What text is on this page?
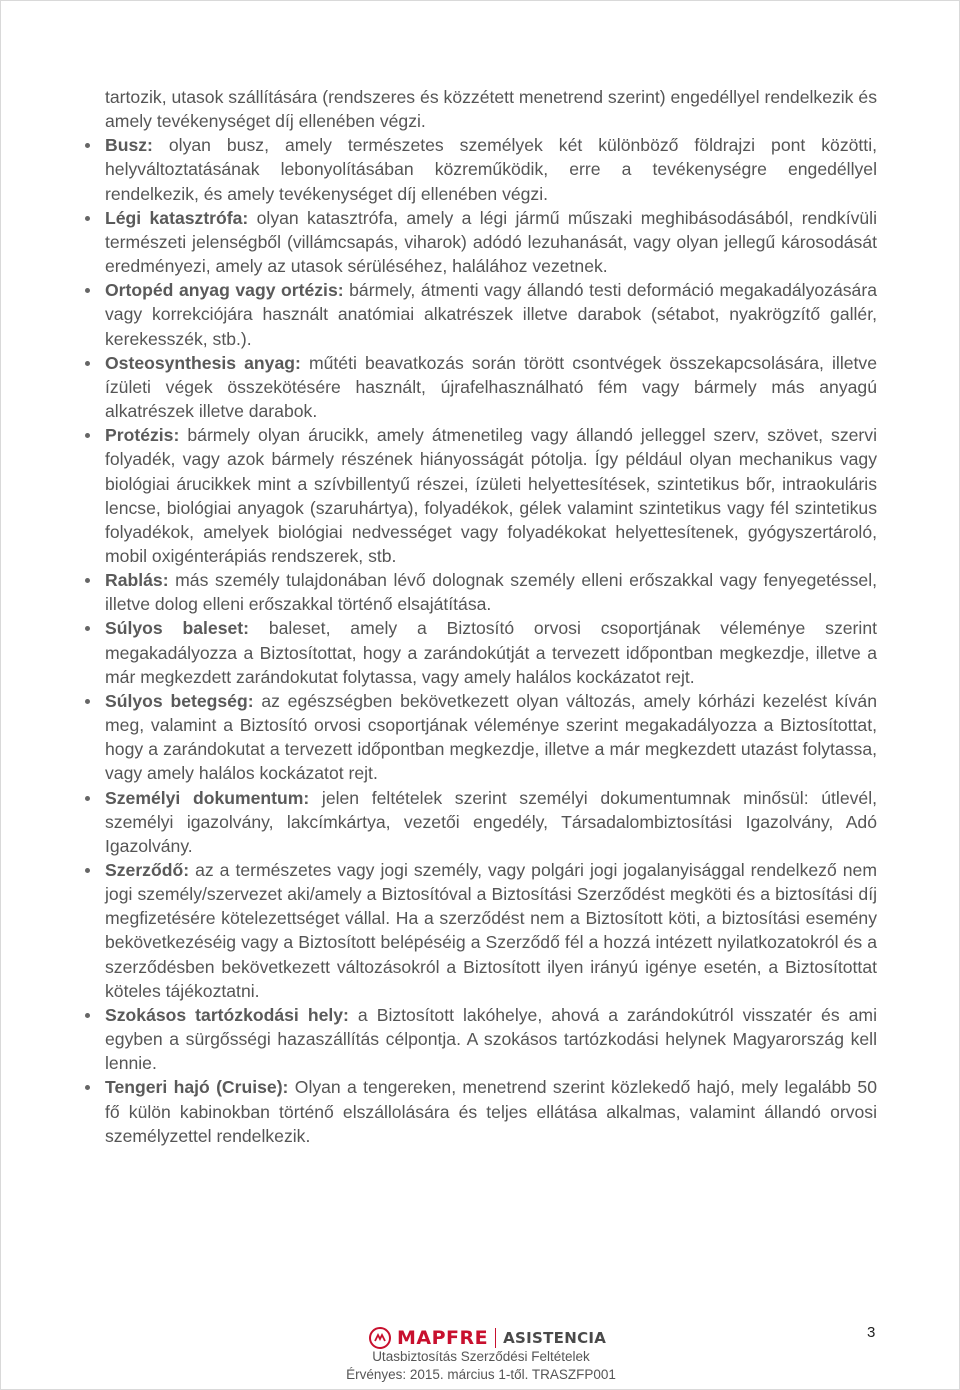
tartozik, utasok szállítására (rendszeres és közzétett menetrend szerint) engedéllyel rendelkezik és amely tevékenységet díj ellenében végzi.

Busz: olyan busz, amely természetes személyek két különböző földrajzi pont közötti, helyváltoztatásának lebonyolításában közreműködik, erre a tevékenységre engedéllyel rendelkezik, és amely tevékenységet díj ellenében végzi.

Légi katasztrófa: olyan katasztrófa, amely a légi jármű műszaki meghibásodásából, rendkívüli természeti jelenségből (villámcsapás, viharok) adódó lezuhanását, vagy olyan jellegű károsodását eredményezi, amely az utasok sérüléséhez, halálához vezetnek.

Ortopéd anyag vagy ortézis: bármely, átmenti vagy állandó testi deformáció megakadályozására vagy korrekciójára használt anatómiai alkatrészek illetve darabok (sétabot, nyakrögzítő gallér, kerekesszék, stb.).

Osteosynthesis anyag: műtéti beavatkozás során törött csontvégek összekapcsolására, illetve ízületi végek összekötésére használt, újrafelhasználható fém vagy bármely más anyagú alkatrészek illetve darabok.

Protézis: bármely olyan árucikk, amely átmenetileg vagy állandó jelleggel szerv, szövet, szervi folyadék, vagy azok bármely részének hiányosságát pótolja. Így például olyan mechanikus vagy biológiai árucikkek mint a szívbillentyű részei, ízületi helyettesítések, szintetikus bőr, intraokuláris lencse, biológiai anyagok (szaruhártya), folyadékok, gélek valamint szintetikus vagy fél szintetikus folyadékok, amelyek biológiai nedvességet vagy folyadékokat helyettesítenek, gyógyszertároló, mobil oxigénterápiás rendszerek, stb.

Rablás: más személy tulajdonában lévő dolognak személy elleni erőszakkal vagy fenyegetéssel, illetve dolog elleni erőszakkal történő elsajátítása.

Súlyos baleset: baleset, amely a Biztosító orvosi csoportjának véleménye szerint megakadályozza a Biztosítottat, hogy a zarándokútját a tervezett időpontban megkezdje, illetve a már megkezdett zarándokutat folytassa, vagy amely halálos kockázatot rejt.

Súlyos betegség: az egészségben bekövetkezett olyan változás, amely kórházi kezelést kíván meg, valamint a Biztosító orvosi csoportjának véleménye szerint megakadályozza a Biztosítottat, hogy a zarándokutat a tervezett időpontban megkezdje, illetve a már megkezdett utazást folytassa, vagy amely halálos kockázatot rejt.

Személyi dokumentum: jelen feltételek szerint személyi dokumentumnak minősül: útlevél, személyi igazolvány, lakcímkártya, vezetői engedély, Társadalombiztosítási Igazolvány, Adó Igazolvány.

Szerződő: az a természetes vagy jogi személy, vagy polgári jogi jogalanyisággal rendelkező nem jogi személy/szervezet aki/amely a Biztosítóval a Biztosítási Szerződést megköti és a biztosítási díj megfizetésére kötelezettséget vállal. Ha a szerződést nem a Biztosított köti, a biztosítási esemény bekövetkezéséig vagy a Biztosított belépéséig a Szerződő fél a hozzá intézett nyilatkozatokról és a szerződésben bekövetkezett változásokról a Biztosított ilyen irányú igénye esetén, a Biztosítottat köteles tájékoztatni.

Szokásos tartózkodási hely: a Biztosított lakóhelye, ahová a zarándokútról visszatér és ami egyben a sürgősségi hazaszállítás célpontja. A szokásos tartózkodási helynek Magyarország kell lennie.

Tengeri hajó (Cruise): Olyan a tengereken, menetrend szerint közlekedő hajó, mely legalább 50 fő külön kabinokban történő elszállolására és teljes ellátása alkalmas, valamint állandó orvosi személyzettel rendelkezik.

MAPFRE ASISTENCIA
Utasbiztosítás Szerződési Feltételek
Érvényes: 2015. március 1-től. TRASZFP001
3
